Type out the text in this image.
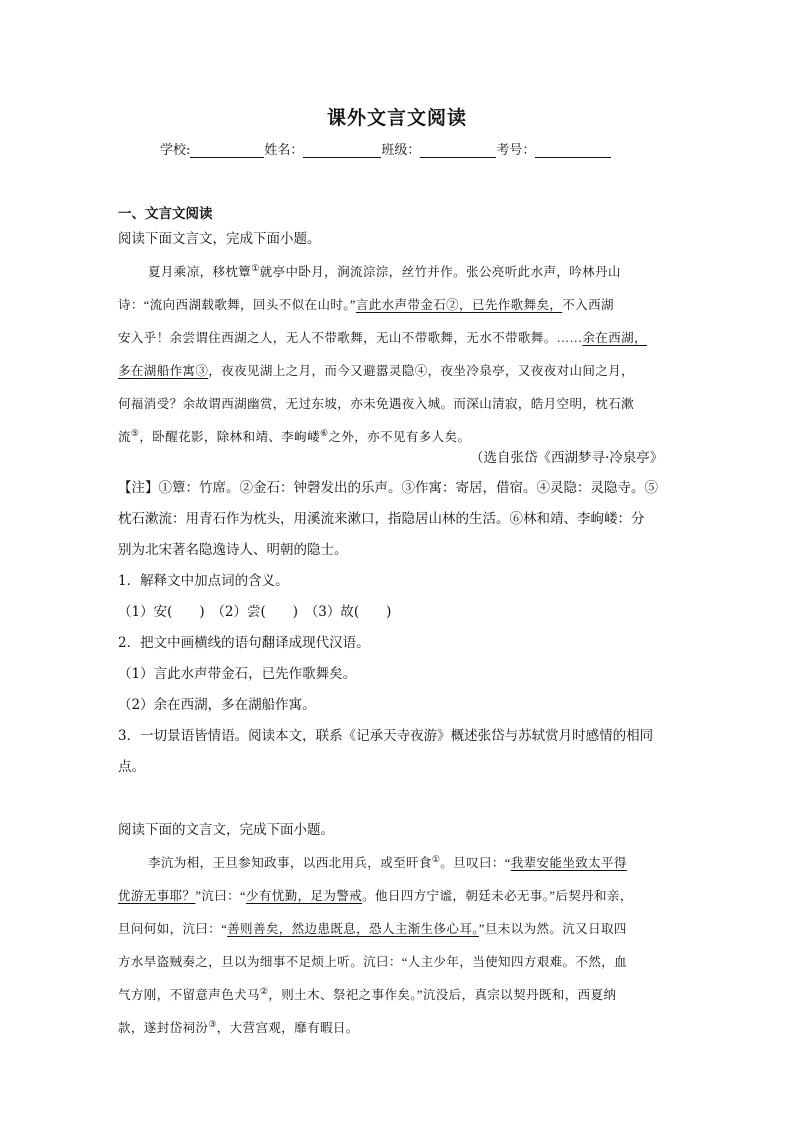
课外文言文阅读
学校:	姓名：	班级：	考号：
一、文言文阅读
阅读下面文言文，完成下面小题。
夏月乘凉，移枕簟①就亭中卧月，涧流淙淙，丝竹并作。张公亮听此水声，吟林丹山
诗：“流向西湖载歌舞，回头不似在山时。”言此水声带金石②，已先作歌舞矣，不入西湖
安入乎！余尝谓住西湖之人，无人不带歌舞，无山不带歌舞，无水不带歌舞。……余在西湖，
多在湖船作寓③，夜夜见湖上之月，而今又避嚣灵隐④，夜坐冷泉亭，又夜夜对山间之月，
何福消受？余故谓西湖幽赏，无过东坡，亦未免遇夜入城。而深山清寂，皓月空明，枕石漱
流⑤，卧醒花影，除林和靖、李岣嵝⑥之外，亦不见有多人矣。
（选自张岱《西湖梦寻·冷泉亭》
【注】①簟：竹席。②金石：钟磬发出的乐声。③作寓：寄居，借宿。④灵隐：灵隐寺。⑤
枕石漱流：用青石作为枕头，用溪流来漱口，指隐居山林的生活。⑥林和靖、李岣嵝：分
别为北宋著名隐逸诗人、明朝的隐士。
1．解释文中加点词的含义。
（1）安(　　)　（2）尝(　　)　（3）故(　　)
2．把文中画横线的语句翻译成现代汉语。
（1）言此水声带金石，已先作歌舞矣。
（2）余在西湖，多在湖船作寓。
3．一切景语皆情语。阅读本文，联系《记承天寺夜游》概述张岱与苏轼赏月时感情的相同
点。
阅读下面的文言文，完成下面小题。
李沆为相，王旦参知政事，以西北用兵，或至旰食①。旦叹曰：“我辈安能坐致太平得
优游无事耶？”沆曰：“少有忧勤，足为警戒。他日四方宁谧，朝廷未必无事。”后契丹和亲，
旦问何如，沆曰：“善则善矣，然边患既息，恐人主渐生侈心耳。”旦未以为然。沆又日取四
方水旱盗贼奏之，旦以为细事不足烦上听。沆曰：“人主少年，当使知四方艰难。不然，血
气方刚，不留意声色犬马②，则土木、祭祀之事作矣。”沆没后，真宗以契丹既和，西夏纳
款，遂封岱祠汾③，大营宫观，靡有暇日。
